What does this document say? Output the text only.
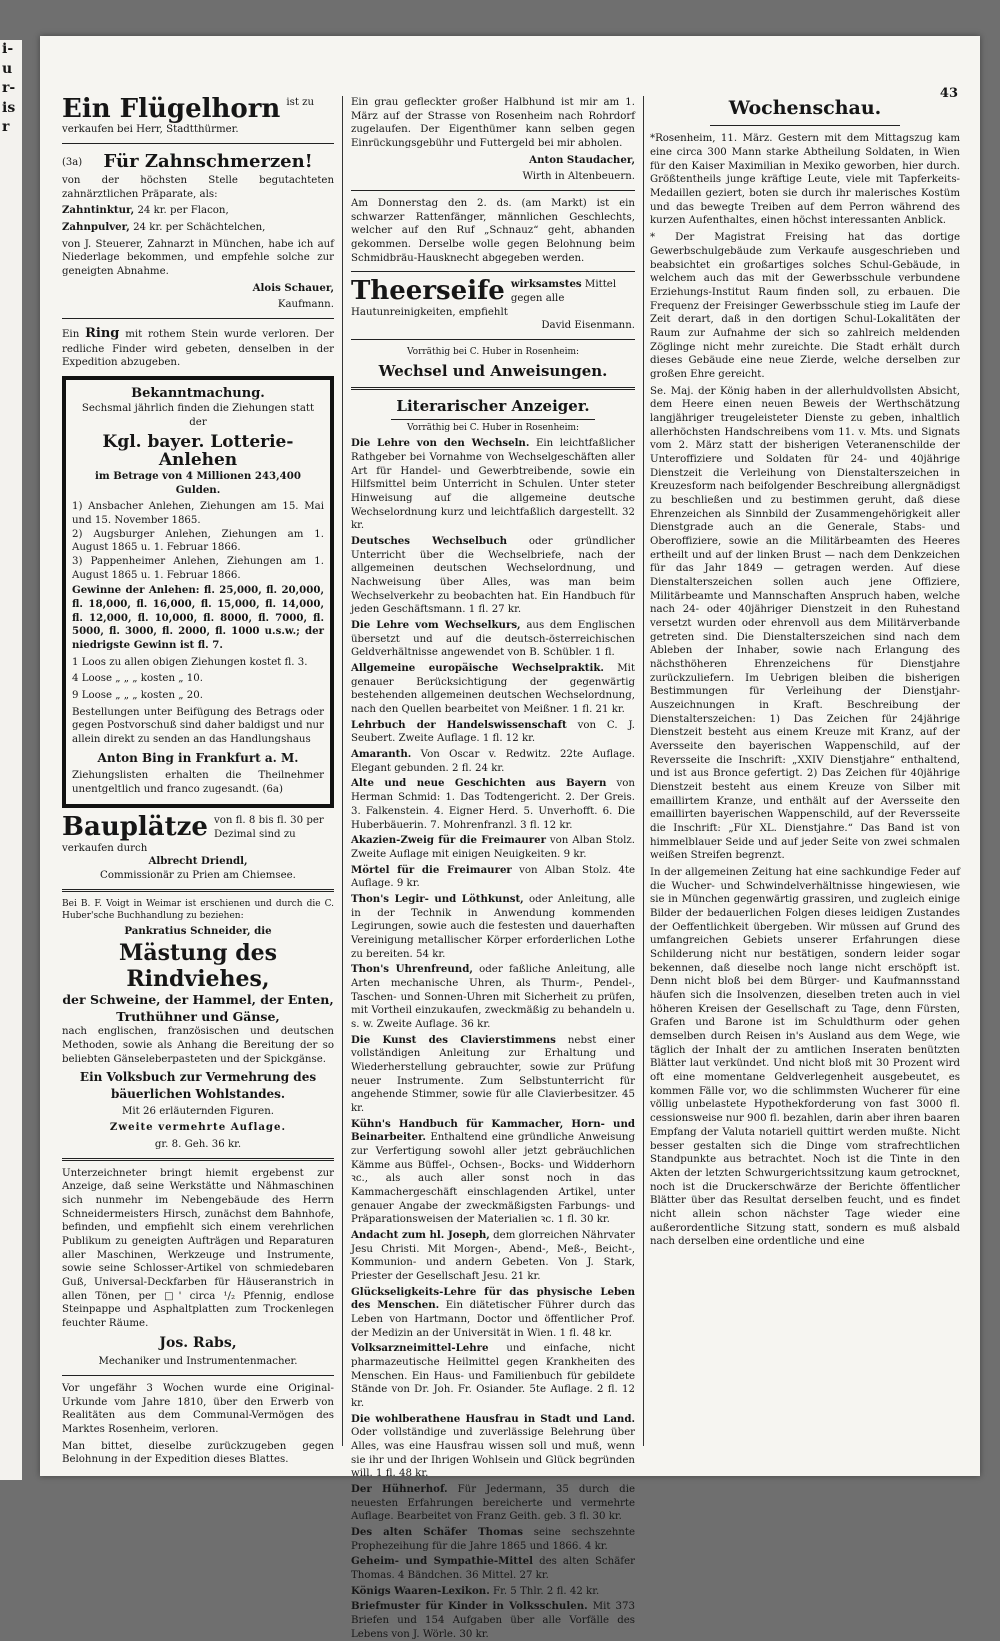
i-
u
r-
is
r
43
Ein Flügelhorn ist zu verkaufen bei Herr, Stadtthürmer.
(3a) Für Zahnschmerzen!

von der höchsten Stelle begutachteten zahnärztlichen Präparate, als:

Zahntinktur, 24 kr. per Flacon,

Zahnpulver, 24 kr. per Schächtelchen,

von J. Steuerer, Zahnarzt in München, habe ich auf Niederlage bekommen, und empfehle solche zur geneigten Abnahme.

Alois Schauer,

Kaufmann.

Ein Ring mit rothem Stein wurde verloren. Der redliche Finder wird gebeten, denselben in der Expedition abzugeben.

Bekanntmachung.

Sechsmal jährlich finden die Ziehungen statt der

Kgl. bayer. Lotterie-Anlehen

im Betrage von 4 Millionen 243,400 Gulden.

1) Ansbacher Anlehen, Ziehungen am 15. Mai und 15. November 1865.
2) Augsburger Anlehen, Ziehungen am 1. August 1865 u. 1. Februar 1866.
3) Pappenheimer Anlehen, Ziehungen am 1. August 1865 u. 1. Februar 1866.

Gewinne der Anlehen: fl. 25,000, fl. 20,000, fl. 18,000, fl. 16,000, fl. 15,000, fl. 14,000, fl. 12,000, fl. 10,000, fl. 8000, fl. 7000, fl. 5000, fl. 3000, fl. 2000, fl. 1000 u.s.w.; der niedrigste Gewinn ist fl. 7.

1 Loos zu allen obigen Ziehungen kostet fl. 3.

4 Loose „ „ „ kosten „ 10.

9 Loose „ „ „ kosten „ 20.

Bestellungen unter Beifügung des Betrags oder gegen Postvorschuß sind daher baldigst und nur allein direkt zu senden an das Handlungshaus

Anton Bing in Frankfurt a. M.

Ziehungslisten erhalten die Theilnehmer unentgeltlich und franco zugesandt. (6a)

Bauplätze von fl. 8 bis fl. 30 per Dezimal sind zu verkaufen durch
Albrecht Driendl,
Commissionär zu Prien am Chiemsee.

Bei B. F. Voigt in Weimar ist erschienen und durch die C. Huber'sche Buchhandlung zu beziehen:

Pankratius Schneider, die

Mästung des Rindviehes,
der Schweine, der Hammel, der Enten, Truthühner und Gänse,

nach englischen, französischen und deutschen Methoden, sowie als Anhang die Bereitung der so beliebten Gänseleberpasteten und der Spickgänse.

Ein Volksbuch zur Vermehrung des bäuerlichen Wohlstandes.

Mit 26 erläuternden Figuren.

Zweite vermehrte Auflage.

gr. 8. Geh. 36 kr.

Unterzeichneter bringt hiemit ergebenst zur Anzeige, daß seine Werkstätte und Nähmaschinen sich nunmehr im Nebengebäude des Herrn Schneidermeisters Hirsch, zunächst dem Bahnhofe, befinden, und empfiehlt sich einem verehrlichen Publikum zu geneigten Aufträgen und Reparaturen aller Maschinen, Werkzeuge und Instrumente, sowie seine Schlosser-Artikel von schmiedebaren Guß, Universal-Deckfarben für Häuseranstrich in allen Tönen, per □' circa ¹/₂ Pfennig, endlose Steinpappe und Asphaltplatten zum Trockenlegen feuchter Räume.

Jos. Rabs,

Mechaniker und Instrumentenmacher.

Vor ungefähr 3 Wochen wurde eine Original-Urkunde vom Jahre 1810, über den Erwerb von Realitäten aus dem Communal-Vermögen des Marktes Rosenheim, verloren.

Man bittet, dieselbe zurückzugeben gegen Belohnung in der Expedition dieses Blattes.

Ein grau gefleckter großer Halbhund ist mir am 1. März auf der Strasse von Rosenheim nach Rohrdorf zugelaufen. Der Eigenthümer kann selben gegen Einrückungsgebühr und Futtergeld bei mir abholen.

Anton Staudacher,

Wirth in Altenbeuern.

Am Donnerstag den 2. ds. (am Markt) ist ein schwarzer Rattenfänger, männlichen Geschlechts, welcher auf den Ruf „Schnauz“ geht, abhanden gekommen. Derselbe wolle gegen Belohnung beim Schmidbräu-Hausknecht abgegeben werden.

Theerseife wirksamstes Mittel gegen alle Hautunreinigkeiten, empfiehlt
David Eisenmann.

Vorräthig bei C. Huber in Rosenheim:

Wechsel und Anweisungen.
Literarischer Anzeiger.

Vorräthig bei C. Huber in Rosenheim:

Die Lehre von den Wechseln. Ein leichtfaßlicher Rathgeber bei Vornahme von Wechselgeschäften aller Art für Handel- und Gewerbtreibende, sowie ein Hilfsmittel beim Unterricht in Schulen. Unter steter Hinweisung auf die allgemeine deutsche Wechselordnung kurz und leichtfaßlich dargestellt. 32 kr.

Deutsches Wechselbuch oder gründlicher Unterricht über die Wechselbriefe, nach der allgemeinen deutschen Wechselordnung, und Nachweisung über Alles, was man beim Wechselverkehr zu beobachten hat. Ein Handbuch für jeden Geschäftsmann. 1 fl. 27 kr.

Die Lehre vom Wechselkurs, aus dem Englischen übersetzt und auf die deutsch-österreichischen Geldverhältnisse angewendet von B. Schübler. 1 fl.

Allgemeine europäische Wechselpraktik. Mit genauer Berücksichtigung der gegenwärtig bestehenden allgemeinen deutschen Wechselordnung, nach den Quellen bearbeitet von Meißner. 1 fl. 21 kr.

Lehrbuch der Handelswissenschaft von C. J. Seubert. Zweite Auflage. 1 fl. 12 kr.

Amaranth. Von Oscar v. Redwitz. 22te Auflage. Elegant gebunden. 2 fl. 24 kr.

Alte und neue Geschichten aus Bayern von Herman Schmid: 1. Das Todtengericht. 2. Der Greis. 3. Falkenstein. 4. Eigner Herd. 5. Unverhofft. 6. Die Huberbäuerin. 7. Mohrenfranzl. 3 fl. 12 kr.

Akazien-Zweig für die Freimaurer von Alban Stolz. Zweite Auflage mit einigen Neuigkeiten. 9 kr.

Mörtel für die Freimaurer von Alban Stolz. 4te Auflage. 9 kr.

Thon's Legir- und Löthkunst, oder Anleitung, alle in der Technik in Anwendung kommenden Legirungen, sowie auch die festesten und dauerhaften Vereinigung metallischer Körper erforderlichen Lothe zu bereiten. 54 kr.

Thon's Uhrenfreund, oder faßliche Anleitung, alle Arten mechanische Uhren, als Thurm-, Pendel-, Taschen- und Sonnen-Uhren mit Sicherheit zu prüfen, mit Vortheil einzukaufen, zweckmäßig zu behandeln u. s. w. Zweite Auflage. 36 kr.

Die Kunst des Clavierstimmens nebst einer vollständigen Anleitung zur Erhaltung und Wiederherstellung gebrauchter, sowie zur Prüfung neuer Instrumente. Zum Selbstunterricht für angehende Stimmer, sowie für alle Clavierbesitzer. 45 kr.

Kühn's Handbuch für Kammacher, Horn- und Beinarbeiter. Enthaltend eine gründliche Anweisung zur Verfertigung sowohl aller jetzt gebräuchlichen Kämme aus Büffel-, Ochsen-, Bocks- und Widderhorn ꝛc., als auch aller sonst noch in das Kammachergeschäft einschlagenden Artikel, unter genauer Angabe der zweckmäßigsten Farbungs- und Präparationsweisen der Materialien ꝛc. 1 fl. 30 kr.

Andacht zum hl. Joseph, dem glorreichen Nährvater Jesu Christi. Mit Morgen-, Abend-, Meß-, Beicht-, Kommunion- und andern Gebeten. Von J. Stark, Priester der Gesellschaft Jesu. 21 kr.

Glückseligkeits-Lehre für das physische Leben des Menschen. Ein diätetischer Führer durch das Leben von Hartmann, Doctor und öffentlicher Prof. der Medizin an der Universität in Wien. 1 fl. 48 kr.

Volksarzneimittel-Lehre und einfache, nicht pharmazeutische Heilmittel gegen Krankheiten des Menschen. Ein Haus- und Familienbuch für gebildete Stände von Dr. Joh. Fr. Osiander. 5te Auflage. 2 fl. 12 kr.

Die wohlberathene Hausfrau in Stadt und Land. Oder vollständige und zuverlässige Belehrung über Alles, was eine Hausfrau wissen soll und muß, wenn sie ihr und der Ihrigen Wohlsein und Glück begründen will. 1 fl. 48 kr.

Der Hühnerhof. Für Jedermann, 35 durch die neuesten Erfahrungen bereicherte und vermehrte Auflage. Bearbeitet von Franz Geith. geb. 3 fl. 30 kr.

Des alten Schäfer Thomas seine sechszehnte Prophezeihung für die Jahre 1865 und 1866. 4 kr.

Geheim- und Sympathie-Mittel des alten Schäfer Thomas. 4 Bändchen. 36 Mittel. 27 kr.

Königs Waaren-Lexikon. Fr. 5 Thlr. 2 fl. 42 kr.

Briefmuster für Kinder in Volksschulen. Mit 373 Briefen und 154 Aufgaben über alle Vorfälle des Lebens von J. Wörle. 30 kr.

Wochenschau.

*Rosenheim, 11. März. Gestern mit dem Mittagszug kam eine circa 300 Mann starke Abtheilung Soldaten, in Wien für den Kaiser Maximilian in Mexiko geworben, hier durch. Größtentheils junge kräftige Leute, viele mit Tapferkeits-Medaillen geziert, boten sie durch ihr malerisches Kostüm und das bewegte Treiben auf dem Perron während des kurzen Aufenthaltes, einen höchst interessanten Anblick.

* Der Magistrat Freising hat das dortige Gewerbschulgebäude zum Verkaufe ausgeschrieben und beabsichtet ein großartiges solches Schul-Gebäude, in welchem auch das mit der Gewerbsschule verbundene Erziehungs-Institut Raum finden soll, zu erbauen. Die Frequenz der Freisinger Gewerbsschule stieg im Laufe der Zeit derart, daß in den dortigen Schul-Lokalitäten der Raum zur Aufnahme der sich so zahlreich meldenden Zöglinge nicht mehr zureichte. Die Stadt erhält durch dieses Gebäude eine neue Zierde, welche derselben zur großen Ehre gereicht.

Se. Maj. der König haben in der allerhuldvollsten Absicht, dem Heere einen neuen Beweis der Werthschätzung langjähriger treugeleisteter Dienste zu geben, inhaltlich allerhöchsten Handschreibens vom 11. v. Mts. und Signats vom 2. März statt der bisherigen Veteranenschilde der Unteroffiziere und Soldaten für 24- und 40jährige Dienstzeit die Verleihung von Dienstalterszeichen in Kreuzesform nach beifolgender Beschreibung allergnädigst zu beschließen und zu bestimmen geruht, daß diese Ehrenzeichen als Sinnbild der Zusammengehörigkeit aller Dienstgrade auch an die Generale, Stabs- und Oberoffiziere, sowie an die Militärbeamten des Heeres ertheilt und auf der linken Brust — nach dem Denkzeichen für das Jahr 1849 — getragen werden. Auf diese Dienstalterszeichen sollen auch jene Offiziere, Militärbeamte und Mannschaften Anspruch haben, welche nach 24- oder 40jähriger Dienstzeit in den Ruhestand versetzt wurden oder ehrenvoll aus dem Militärverbande getreten sind. Die Dienstalterszeichen sind nach dem Ableben der Inhaber, sowie nach Erlangung des nächsthöheren Ehrenzeichens für Dienstjahre zurückzuliefern. Im Uebrigen bleiben die bisherigen Bestimmungen für Verleihung der Dienstjahr-Auszeichnungen in Kraft. Beschreibung der Dienstalterszeichen: 1) Das Zeichen für 24jährige Dienstzeit besteht aus einem Kreuze mit Kranz, auf der Aversseite den bayerischen Wappenschild, auf der Reversseite die Inschrift: „XXIV Dienstjahre“ enthaltend, und ist aus Bronce gefertigt. 2) Das Zeichen für 40jährige Dienstzeit besteht aus einem Kreuze von Silber mit emaillirtem Kranze, und enthält auf der Aversseite den emaillirten bayerischen Wappenschild, auf der Reversseite die Inschrift: „Für XL. Dienstjahre.“ Das Band ist von himmelblauer Seide und auf jeder Seite von zwei schmalen weißen Streifen begrenzt.

In der allgemeinen Zeitung hat eine sachkundige Feder auf die Wucher- und Schwindelverhältnisse hingewiesen, wie sie in München gegenwärtig grassiren, und zugleich einige Bilder der bedauerlichen Folgen dieses leidigen Zustandes der Oeffentlichkeit übergeben. Wir müssen auf Grund des umfangreichen Gebiets unserer Erfahrungen diese Schilderung nicht nur bestätigen, sondern leider sogar bekennen, daß dieselbe noch lange nicht erschöpft ist. Denn nicht bloß bei dem Bürger- und Kaufmannsstand häufen sich die Insolvenzen, dieselben treten auch in viel höheren Kreisen der Gesellschaft zu Tage, denn Fürsten, Grafen und Barone ist im Schuldthurm oder gehen demselben durch Reisen in's Ausland aus dem Wege, wie täglich der Inhalt der zu amtlichen Inseraten benützten Blätter laut verkündet. Und nicht bloß mit 30 Prozent wird oft eine momentane Geldverlegenheit ausgebeutet, es kommen Fälle vor, wo die schlimmsten Wucherer für eine völlig unbelastete Hypothekforderung von fast 3000 fl. cessionsweise nur 900 fl. bezahlen, darin aber ihren baaren Empfang der Valuta notariell quittirt werden mußte. Nicht besser gestalten sich die Dinge vom strafrechtlichen Standpunkte aus betrachtet. Noch ist die Tinte in den Akten der letzten Schwurgerichtssitzung kaum getrocknet, noch ist die Druckerschwärze der Berichte öffentlicher Blätter über das Resultat derselben feucht, und es findet nicht allein schon nächster Tage wieder eine außerordentliche Sitzung statt, sondern es muß alsbald nach derselben eine ordentliche und eine
